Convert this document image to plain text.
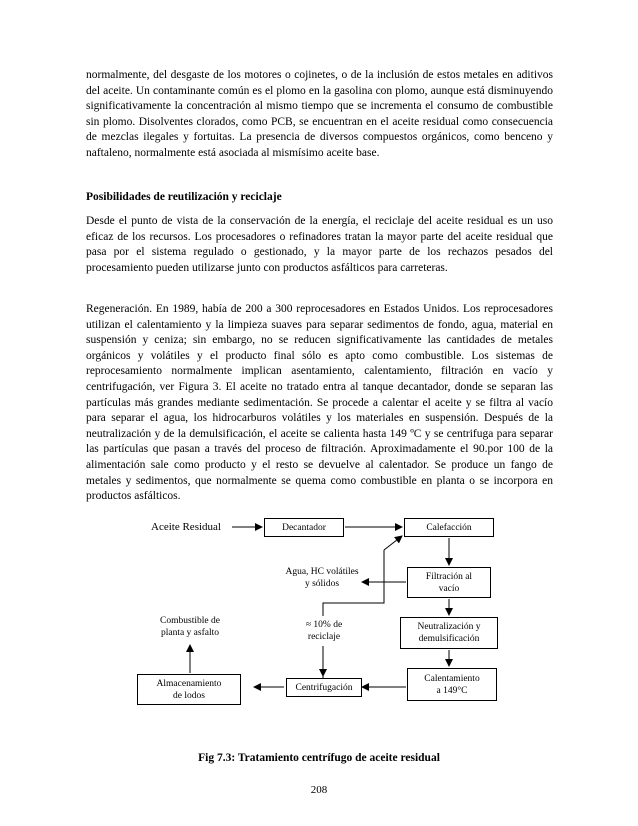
normalmente, del desgaste de los motores o cojinetes, o de la inclusión de estos metales en aditivos del aceite. Un contaminante común es el plomo en la gasolina con plomo, aunque está disminuyendo significativamente la concentración al mismo tiempo que se incrementa el consumo de combustible sin plomo. Disolventes clorados, como PCB, se encuentran en el aceite residual como consecuencia de mezclas ilegales y fortuitas. La presencia de diversos compuestos orgánicos, como benceno y naftaleno, normalmente está asociada al mismísimo aceite base.

Posibilidades de reutilización y reciclaje

Desde el punto de vista de la conservación de la energía, el reciclaje del aceite residual es un uso eficaz de los recursos. Los procesadores o refinadores tratan la mayor parte del aceite residual que pasa por el sistema regulado o gestionado, y la mayor parte de los rechazos pesados del procesamiento pueden utilizarse junto con productos asfálticos para carreteras.

Regeneración. En 1989, había de 200 a 300 reprocesadores en Estados Unidos. Los reprocesadores utilizan el calentamiento y la limpieza suaves para separar sedimentos de fondo, agua, material en suspensión y ceniza; sin embargo, no se reducen significativamente las cantidades de metales orgánicos y volátiles y el producto final sólo es apto como combustible. Los sistemas de reprocesamiento normalmente implican asentamiento, calentamiento, filtración en vacío y centrifugación, ver Figura 3. El aceite no tratado entra al tanque decantador, donde se separan las partículas más grandes mediante sedimentación. Se procede a calentar el aceite y se filtra al vacío para separar el agua, los hidrocarburos volátiles y los materiales en suspensión. Después de la neutralización y de la demulsificación, el aceite se calienta hasta 149 ºC y se centrifuga para separar las partículas que pasan a través del proceso de filtración. Aproximadamente el 90.por 100 de la alimentación sale como producto y el resto se devuelve al calentador. Se produce un fango de metales y sedimentos, que normalmente se quema como combustible en planta o se incorpora en productos asfálticos.

Aceite Residual	Decantador	Calefacción
Agua, HC volátiles
y sólidos
Filtración al
vacío
Combustible de
planta y asfalto
≈ 10% de
reciclaje
Neutralización y
demulsificación
Almacenamiento
de lodos
Centrifugación
Calentamiento
a 149°C

Fig 7.3: Tratamiento centrífugo de aceite residual

208
